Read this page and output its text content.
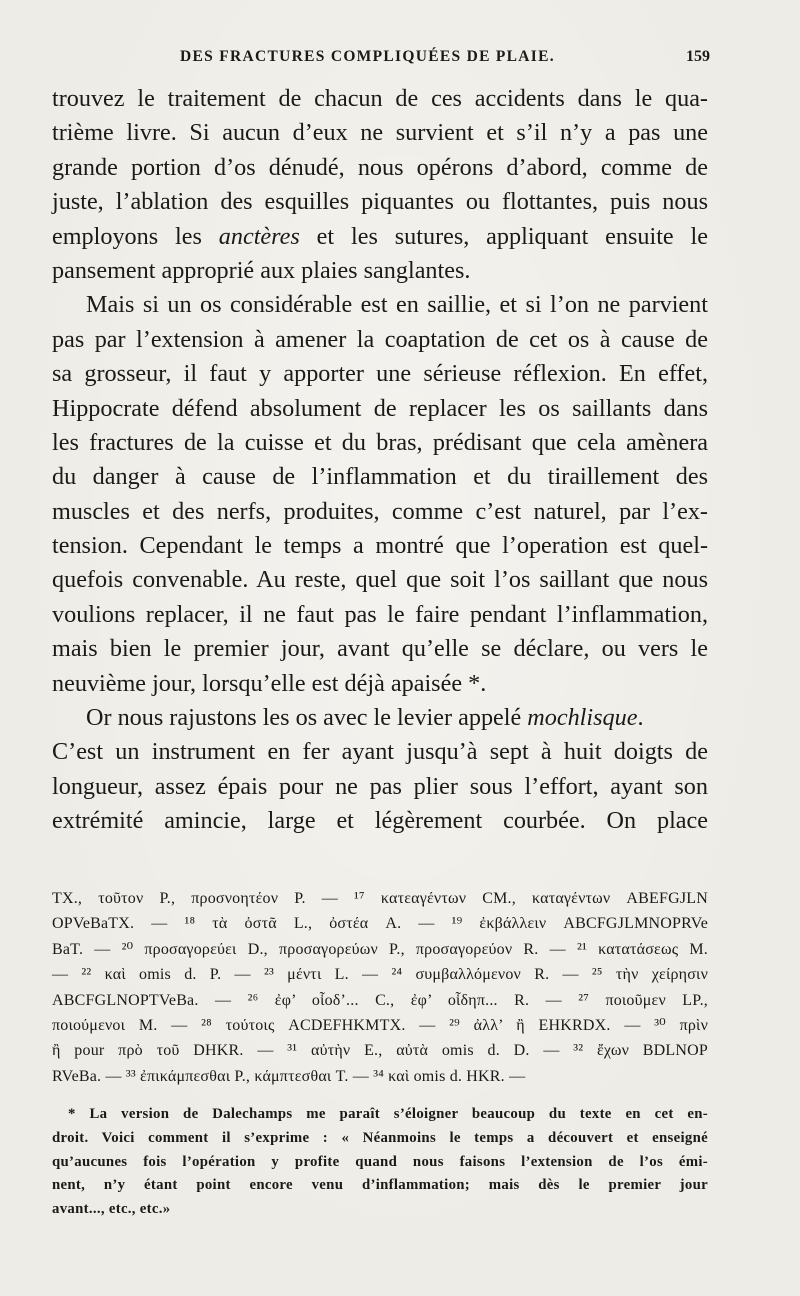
DES FRACTURES COMPLIQUÉES DE PLAIE.	159
trouvez le traitement de chacun de ces accidents dans le qua-
trième livre. Si aucun d’eux ne survient et s’il n’y a pas une
grande portion d’os dénudé, nous opérons d’abord, comme de
juste, l’ablation des esquilles piquantes ou flottantes, puis nous
employons les anctères et les sutures, appliquant ensuite le
pansement approprié aux plaies sanglantes.
Mais si un os considérable est en saillie, et si l’on ne parvient
pas par l’extension à amener la coaptation de cet os à cause de
sa grosseur, il faut y apporter une sérieuse réflexion. En effet,
Hippocrate défend absolument de replacer les os saillants dans
les fractures de la cuisse et du bras, prédisant que cela amènera
du danger à cause de l’inflammation et du tiraillement des
muscles et des nerfs, produites, comme c’est naturel, par l’ex-
tension. Cependant le temps a montré que l’operation est quel-
quefois convenable. Au reste, quel que soit l’os saillant que nous
voulions replacer, il ne faut pas le faire pendant l’inflammation,
mais bien le premier jour, avant qu’elle se déclare, ou vers le
neuvième jour, lorsqu’elle est déjà apaisée *.
Or nous rajustons les os avec le levier appelé mochlisque.
C’est un instrument en fer ayant jusqu’à sept à huit doigts de
longueur, assez épais pour ne pas plier sous l’effort, ayant son
extrémité amincie, large et légèrement courbée. On place
TX., τοῦτον P., προσνοητέον P. — ¹⁷ κατεαγέντων CM., καταγέντων ABEFGJLN
OPVeBaTX. — ¹⁸ τὰ ὀστᾶ L., ὀστέα A. — ¹⁹ ἐκβάλλειν ABCFGJLMNOPRVe
BaT. — ²⁰ προσαγορεύει D., προσαγορεύων P., προσαγορεύον R. — ²¹ κατατάσεως M.
— ²² καὶ omis d. P. — ²³ μέντι L. — ²⁴ συμβαλλόμενον R. — ²⁵ τὴν χείρησιν
ABCFGLNOPTVeBa. — ²⁶ ἐφ’ οἷοδ’... C., ἐφ’ οἷδηπ... R. — ²⁷ ποιοῦμεν LP.,
ποιούμενοι M. — ²⁸ τούτοις ACDEFHKMTX. — ²⁹ ἀλλ’ ἢ EHKRDX. — ³⁰ πρὶν
ἢ pour πρὸ τοῦ DHKR. — ³¹ αὐτὴν E., αὐτὰ omis d. D. — ³² ἔχων BDLNOP
RVeBa. — ³³ ἐπικάμπεσθαι P., κάμπτεσθαι T. — ³⁴ καὶ omis d. HKR. —
* La version de Dalechamps me paraît s’éloigner beaucoup du texte en cet en-
droit. Voici comment il s’exprime : « Néanmoins le temps a découvert et enseigné
qu’aucunes fois l’opération y profite quand nous faisons l’extension de l’os émi-
nent, n’y étant point encore venu d’inflammation; mais dès le premier jour
avant..., etc., etc.»
